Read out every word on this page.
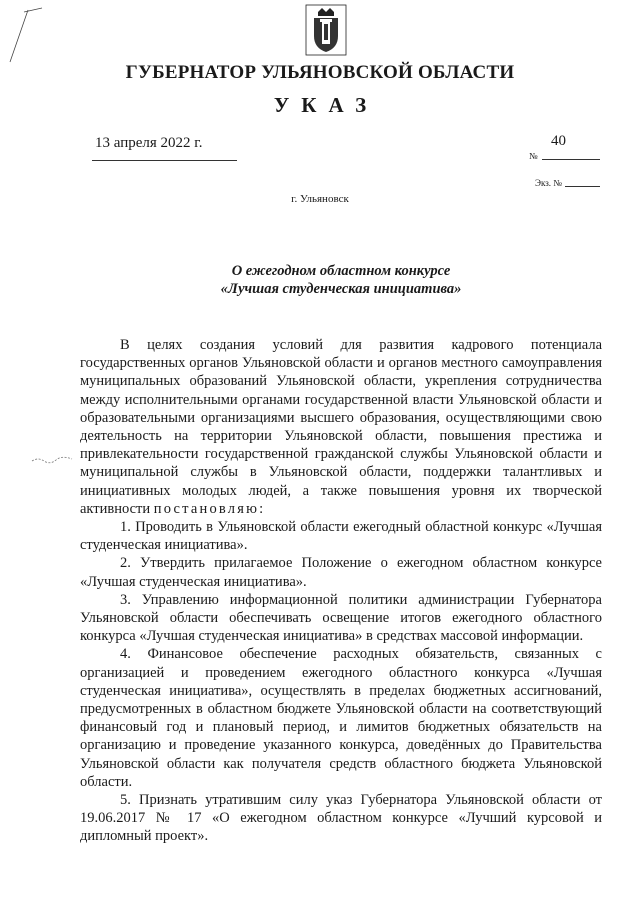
ГУБЕРНАТОР УЛЬЯНОВСКОЙ ОБЛАСТИ
УКАЗ
13 апреля 2022 г.	40
№
Экз. №
г. Ульяновск
О ежегодном областном конкурсе
«Лучшая студенческая инициатива»

В целях создания условий для развития кадрового потенциала государственных органов Ульяновской области и органов местного самоуправления муниципальных образований Ульяновской области, укрепления сотрудничества между исполнительными органами государственной власти Ульяновской области и образовательными организациями высшего образования, осуществляющими свою деятельность на территории Ульяновской области, повышения престижа и привлекательности государственной гражданской службы Ульяновской области и муниципальной службы в Ульяновской области, поддержки талантливых и инициативных молодых людей, а также повышения уровня их творческой активности постановляю:

1. Проводить в Ульяновской области ежегодный областной конкурс «Лучшая студенческая инициатива».

2. Утвердить прилагаемое Положение о ежегодном областном конкурсе «Лучшая студенческая инициатива».

3. Управлению информационной политики администрации Губернатора Ульяновской области обеспечивать освещение итогов ежегодного областного конкурса «Лучшая студенческая инициатива» в средствах массовой информации.

4. Финансовое обеспечение расходных обязательств, связанных с организацией и проведением ежегодного областного конкурса «Лучшая студенческая инициатива», осуществлять в пределах бюджетных ассигнований, предусмотренных в областном бюджете Ульяновской области на соответствующий финансовый год и плановый период, и лимитов бюджетных обязательств на организацию и проведение указанного конкурса, доведённых до Правительства Ульяновской области как получателя средств областного бюджета Ульяновской области.

5. Признать утратившим силу указ Губернатора Ульяновской области от 19.06.2017 № 17 «О ежегодном областном конкурсе «Лучший курсовой и дипломный проект».
